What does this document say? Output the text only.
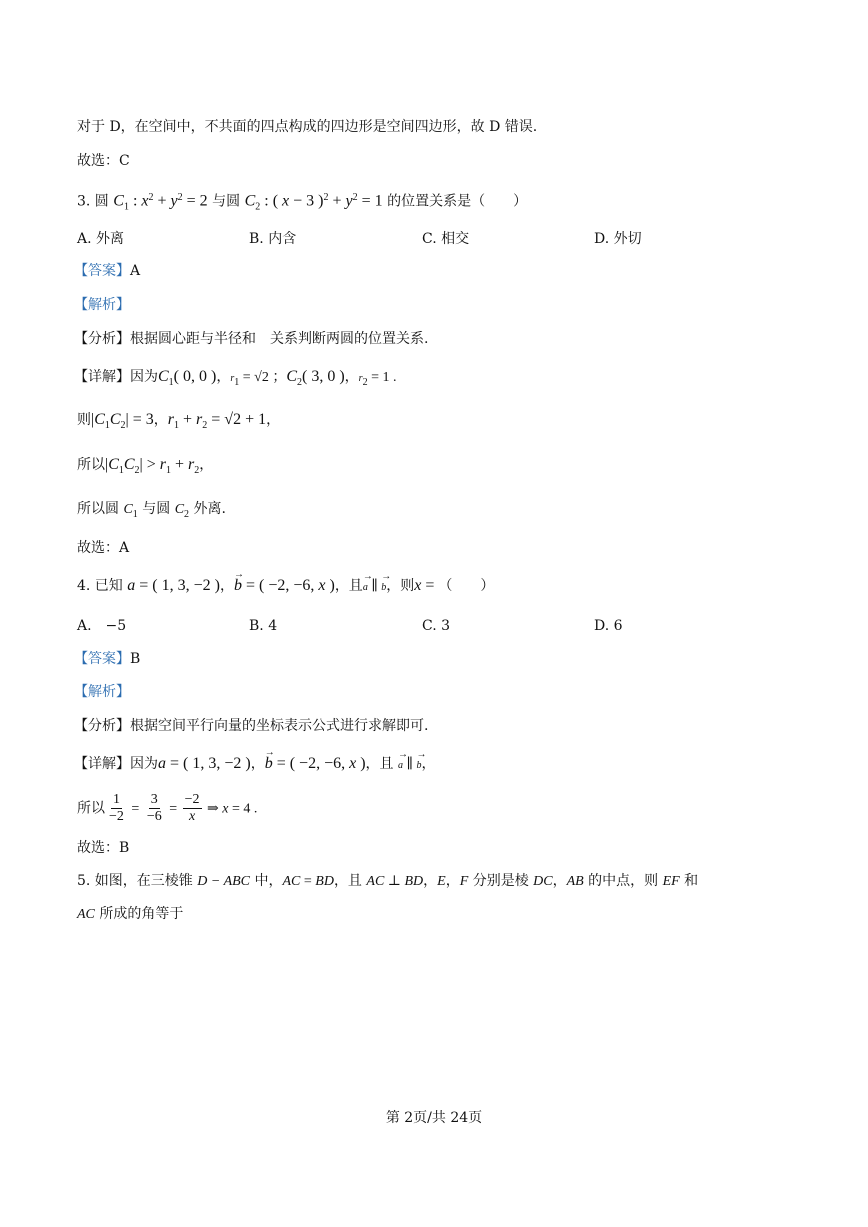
对于 D，在空间中，不共面的四点构成的四边形是空间四边形，故 D 错误.
故选：C
3. 圆 $C_1$ : $x^2 + y^2 = 2$ 与圆 $C_2$ : ( x − 3 )$^2 + y^2 = 1$ 的位置关系是（　　）
A. 外离	B. 内含	C. 相交	D. 外切
【答案】A
【解析】
【分析】根据圆心距与半径和　关系判断两圆的位置关系.
【详解】因为$C_1$( 0, 0 )，$r_1 = √2$ ；$C_2$( 3, 0 )，$r_2 = 1$ .
则$|C_1C_2| = 3$，$r_1 + r_2 = √2 + 1$，
所以$|C_1C_2| > r_1 + r_2$，
所以圆 $C_1$ 与圆 $C_2$ 外离.
故选：A
4. 已知 a = ( 1, 3, −2 )，→ b = ( −2, −6, x )，且→ a ∥ → b，则x = （　　）
A.　−5	B. 4	C. 3	D. 6
【答案】B
【解析】
【分析】根据空间平行向量的坐标表示公式进行求解即可.
【详解】因为a = ( 1, 3, −2 )，→ b = ( −2, −6, x )，且 → a ∥ → b，
所以 $\frac{1}{-2} = \frac{3}{-6} = \frac{-2}{x}$ ⇒ x = 4 .
故选：B
5. 如图，在三棱锥 D − ABC 中，AC = BD，且 AC ⊥ BD，E，F 分别是棱 DC，AB 的中点，则 EF 和
AC 所成的角等于
第 2页/共 24页
